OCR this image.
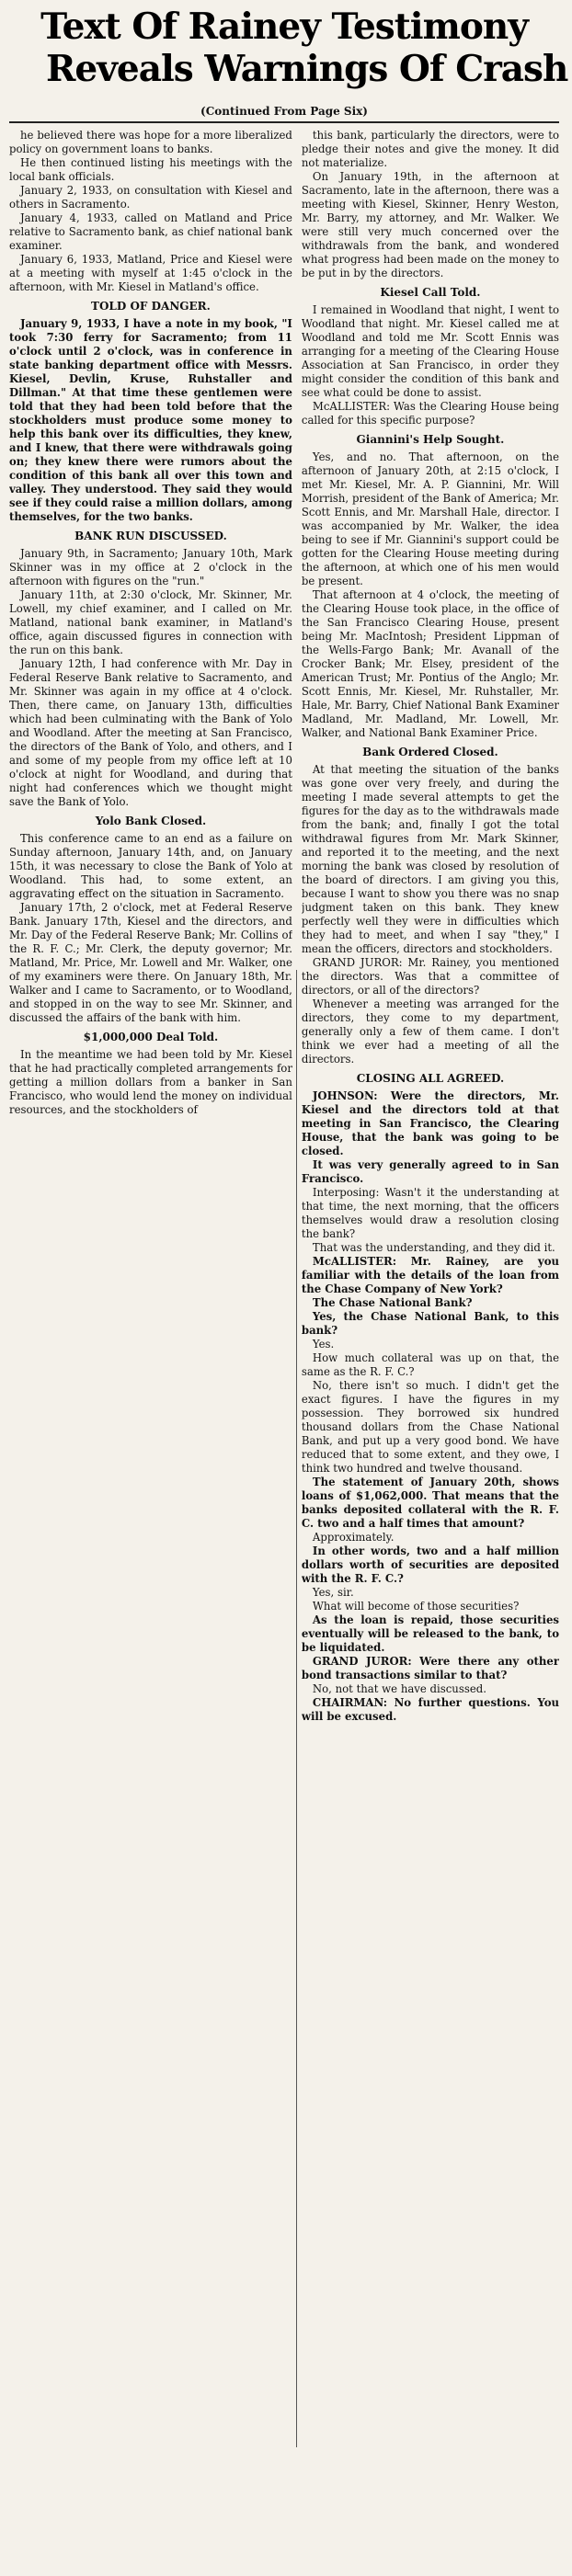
Text Of Rainey Testimony
Reveals Warnings Of Crash
(Continued From Page Six)

he believed there was hope for a more liberalized policy on government loans to banks.

He then continued listing his meetings with the local bank officials.

January 2, 1933, on consultation with Kiesel and others in Sacramento.

January 4, 1933, called on Matland and Price relative to Sacramento bank, as chief national bank examiner.

January 6, 1933, Matland, Price and Kiesel were at a meeting with myself at 1:45 o'clock in the afternoon, with Mr. Kiesel in Matland's office.

TOLD OF DANGER.

January 9, 1933, I have a note in my book, "I took 7:30 ferry for Sacramento; from 11 o'clock until 2 o'clock, was in conference in state banking department office with Messrs. Kiesel, Devlin, Kruse, Ruhstaller and Dillman." At that time these gentlemen were told that they had been told before that the stockholders must produce some money to help this bank over its difficulties, they knew, and I knew, that there were withdrawals going on; they knew there were rumors about the condition of this bank all over this town and valley. They understood. They said they would see if they could raise a million dollars, among themselves, for the two banks.

BANK RUN DISCUSSED.

January 9th, in Sacramento; January 10th, Mark Skinner was in my office at 2 o'clock in the afternoon with figures on the "run."

January 11th, at 2:30 o'clock, Mr. Skinner, Mr. Lowell, my chief examiner, and I called on Mr. Matland, national bank examiner, in Matland's office, again discussed figures in connection with the run on this bank.

January 12th, I had conference with Mr. Day in Federal Reserve Bank relative to Sacramento, and Mr. Skinner was again in my office at 4 o'clock. Then, there came, on January 13th, difficulties which had been culminating with the Bank of Yolo and Woodland. After the meeting at San Francisco, the directors of the Bank of Yolo, and others, and I and some of my people from my office left at 10 o'clock at night for Woodland, and during that night had conferences which we thought might save the Bank of Yolo.

Yolo Bank Closed.

This conference came to an end as a failure on Sunday afternoon, January 14th, and, on January 15th, it was necessary to close the Bank of Yolo at Woodland. This had, to some extent, an aggravating effect on the situation in Sacramento.

January 17th, 2 o'clock, met at Federal Reserve Bank. January 17th, Kiesel and the directors, and Mr. Day of the Federal Reserve Bank; Mr. Collins of the R. F. C.; Mr. Clerk, the deputy governor; Mr. Matland, Mr. Price, Mr. Lowell and Mr. Walker, one of my examiners were there. On January 18th, Mr. Walker and I came to Sacramento, or to Woodland, and stopped in on the way to see Mr. Skinner, and discussed the affairs of the bank with him.

$1,000,000 Deal Told.

In the meantime we had been told by Mr. Kiesel that he had practically completed arrangements for getting a million dollars from a banker in San Francisco, who would lend the money on individual resources, and the stockholders of

this bank, particularly the directors, were to pledge their notes and give the money. It did not materialize.

On January 19th, in the afternoon at Sacramento, late in the afternoon, there was a meeting with Kiesel, Skinner, Henry Weston, Mr. Barry, my attorney, and Mr. Walker. We were still very much concerned over the withdrawals from the bank, and wondered what progress had been made on the money to be put in by the directors.

Kiesel Call Told.

I remained in Woodland that night, I went to Woodland that night. Mr. Kiesel called me at Woodland and told me Mr. Scott Ennis was arranging for a meeting of the Clearing House Association at San Francisco, in order they might consider the condition of this bank and see what could be done to assist.

McALLISTER: Was the Clearing House being called for this specific purpose?

Giannini's Help Sought.

Yes, and no. That afternoon, on the afternoon of January 20th, at 2:15 o'clock, I met Mr. Kiesel, Mr. A. P. Giannini, Mr. Will Morrish, president of the Bank of America; Mr. Scott Ennis, and Mr. Marshall Hale, director. I was accompanied by Mr. Walker, the idea being to see if Mr. Giannini's support could be gotten for the Clearing House meeting during the afternoon, at which one of his men would be present.

That afternoon at 4 o'clock, the meeting of the Clearing House took place, in the office of the San Francisco Clearing House, present being Mr. MacIntosh; President Lippman of the Wells-Fargo Bank; Mr. Avanall of the Crocker Bank; Mr. Elsey, president of the American Trust; Mr. Pontius of the Anglo; Mr. Scott Ennis, Mr. Kiesel, Mr. Ruhstaller, Mr. Hale, Mr. Barry, Chief National Bank Examiner Madland, Mr. Madland, Mr. Lowell, Mr. Walker, and National Bank Examiner Price.

Bank Ordered Closed.

At that meeting the situation of the banks was gone over very freely, and during the meeting I made several attempts to get the figures for the day as to the withdrawals made from the bank; and, finally I got the total withdrawal figures from Mr. Mark Skinner, and reported it to the meeting, and the next morning the bank was closed by resolution of the board of directors. I am giving you this, because I want to show you there was no snap judgment taken on this bank. They knew perfectly well they were in difficulties which they had to meet, and when I say "they," I mean the officers, directors and stockholders.

GRAND JUROR: Mr. Rainey, you mentioned the directors. Was that a committee of directors, or all of the directors?

Whenever a meeting was arranged for the directors, they come to my department, generally only a few of them came. I don't think we ever had a meeting of all the directors.

CLOSING ALL AGREED.

JOHNSON: Were the directors, Mr. Kiesel and the directors told at that meeting in San Francisco, the Clearing House, that the bank was going to be closed.

It was very generally agreed to in San Francisco.

Interposing: Wasn't it the understanding at that time, the next morning, that the officers themselves would draw a resolution closing the bank?

That was the understanding, and they did it.

McALLISTER: Mr. Rainey, are you familiar with the details of the loan from the Chase Company of New York?

The Chase National Bank?

Yes, the Chase National Bank, to this bank?

Yes.

How much collateral was up on that, the same as the R. F. C.?

No, there isn't so much. I didn't get the exact figures. I have the figures in my possession. They borrowed six hundred thousand dollars from the Chase National Bank, and put up a very good bond. We have reduced that to some extent, and they owe, I think two hundred and twelve thousand.

The statement of January 20th, shows loans of $1,062,000. That means that the banks deposited collateral with the R. F. C. two and a half times that amount?

Approximately.

In other words, two and a half million dollars worth of securities are deposited with the R. F. C.?

Yes, sir.

What will become of those securities?

As the loan is repaid, those securities eventually will be released to the bank, to be liquidated.

GRAND JUROR: Were there any other bond transactions similar to that?

No, not that we have discussed.

CHAIRMAN: No further questions. You will be excused.
